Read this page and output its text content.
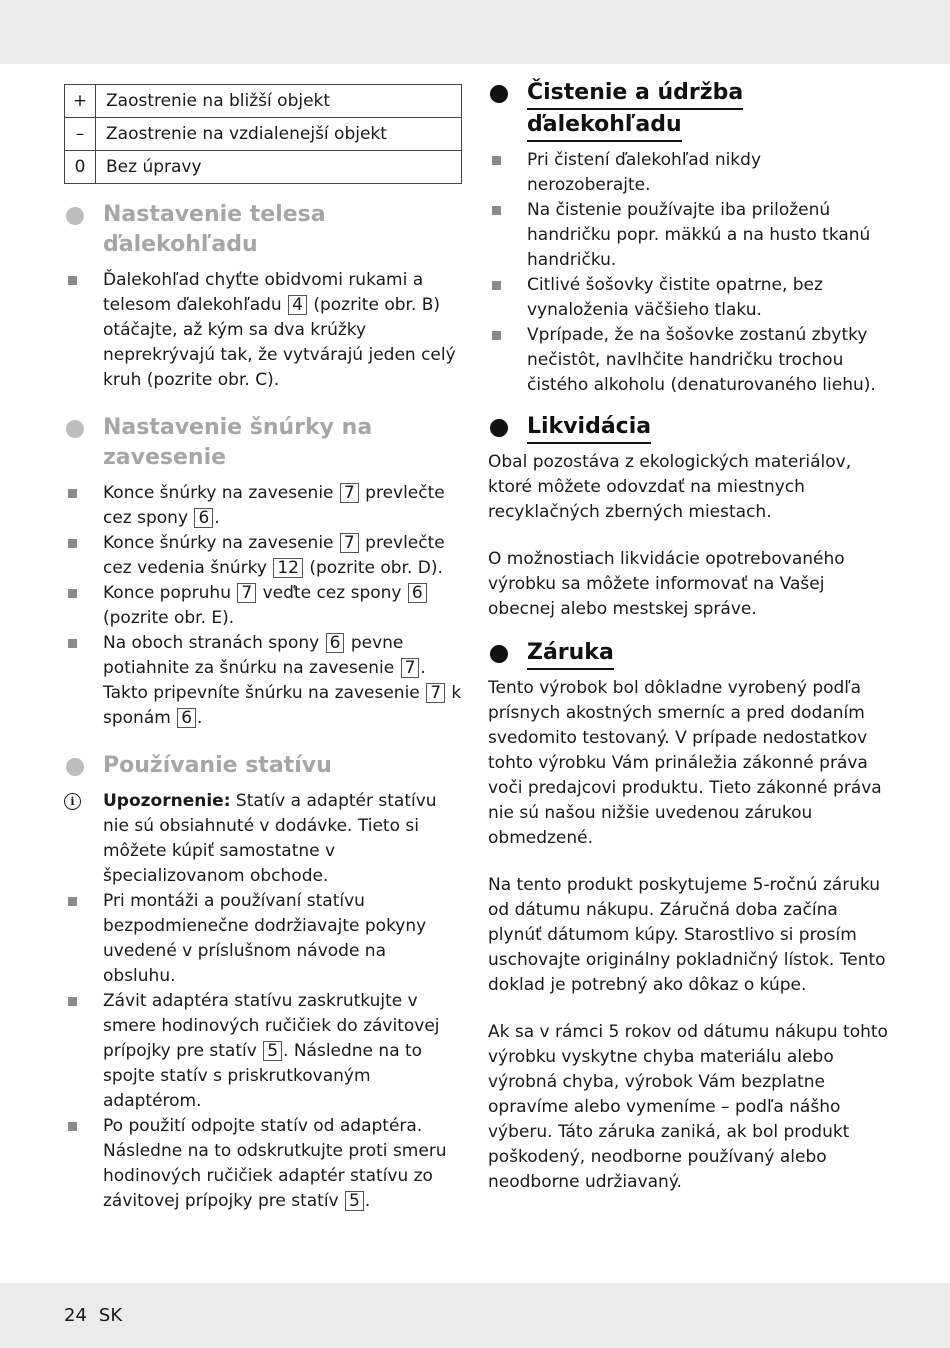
+	Zaostrenie na bližší objekt
–	Zaostrenie na vzdialenejší objekt
0	Bez úpravy
Nastavenie telesa
ďalekohľadu
Ďalekohľad chyťte obidvomi rukami a telesom ďalekohľadu 4 (pozrite obr. B) otáčajte, až kým sa dva krúžky neprekrývajú tak, že vytvárajú jeden celý kruh (pozrite obr. C).
Nastavenie šnúrky na
zavesenie
Konce šnúrky na zavesenie 7 prevlečte cez spony 6 .
Konce šnúrky na zavesenie 7 prevlečte cez vedenia šnúrky 12 (pozrite obr. D).
Konce popruhu 7 veďte cez spony 6 (pozrite obr. E).
Na oboch stranách spony 6 pevne potiahnite za šnúrku na zavesenie 7 . Takto pripevníte šnúrku na zavesenie 7 k sponám 6 .
Používanie statívu
i	Upozornenie: Statív a adaptér statívu nie sú obsiahnuté v dodávke. Tieto si môžete kúpiť samostatne v špecializovanom obchode.
Pri montáži a používaní statívu bezpodmienečne dodržiavajte pokyny uvedené v príslušnom návode na obsluhu.
Závit adaptéra statívu zaskrutkujte v smere hodinových ručičiek do závitovej prípojky pre statív 5 . Následne na to spojte statív s priskrutkovaným adaptérom.
Po použití odpojte statív od adaptéra. Následne na to odskrutkujte proti smeru hodinových ručičiek adaptér statívu zo závitovej prípojky pre statív 5 .
Čistenie a údržba
ďalekohľadu
Pri čistení ďalekohľad nikdy nerozoberajte.
Na čistenie používajte iba priloženú handričku popr. mäkkú a na husto tkanú handričku.
Citlivé šošovky čistite opatrne, bez vynaloženia väčšieho tlaku.
Vprípade, že na šošovke zostanú zbytky nečistôt, navlhčite handričku trochou čistého alkoholu (denaturovaného liehu).
Likvidácia

Obal pozostáva z ekologických materiálov, ktoré môžete odovzdať na miestnych recyklačných zberných miestach.

O možnostiach likvidácie opotrebovaného výrobku sa môžete informovať na Vašej obecnej alebo mestskej správe.

Záruka

Tento výrobok bol dôkladne vyrobený podľa prísnych akostných smerníc a pred dodaním svedomito testovaný. V prípade nedostatkov tohto výrobku Vám prináležia zákonné práva voči predajcovi produktu. Tieto zákonné práva nie sú našou nižšie uvedenou zárukou obmedzené.

Na tento produkt poskytujeme 5-ročnú záruku od dátumu nákupu. Záručná doba začína plynúť dátumom kúpy. Starostlivo si prosím uschovajte originálny pokladničný lístok. Tento doklad je potrebný ako dôkaz o kúpe.

Ak sa v rámci 5 rokov od dátumu nákupu tohto výrobku vyskytne chyba materiálu alebo výrobná chyba, výrobok Vám bezplatne opravíme alebo vymeníme – podľa nášho výberu. Táto záruka zaniká, ak bol produkt poškodený, neodborne používaný alebo neodborne udržiavaný.

24 SK
